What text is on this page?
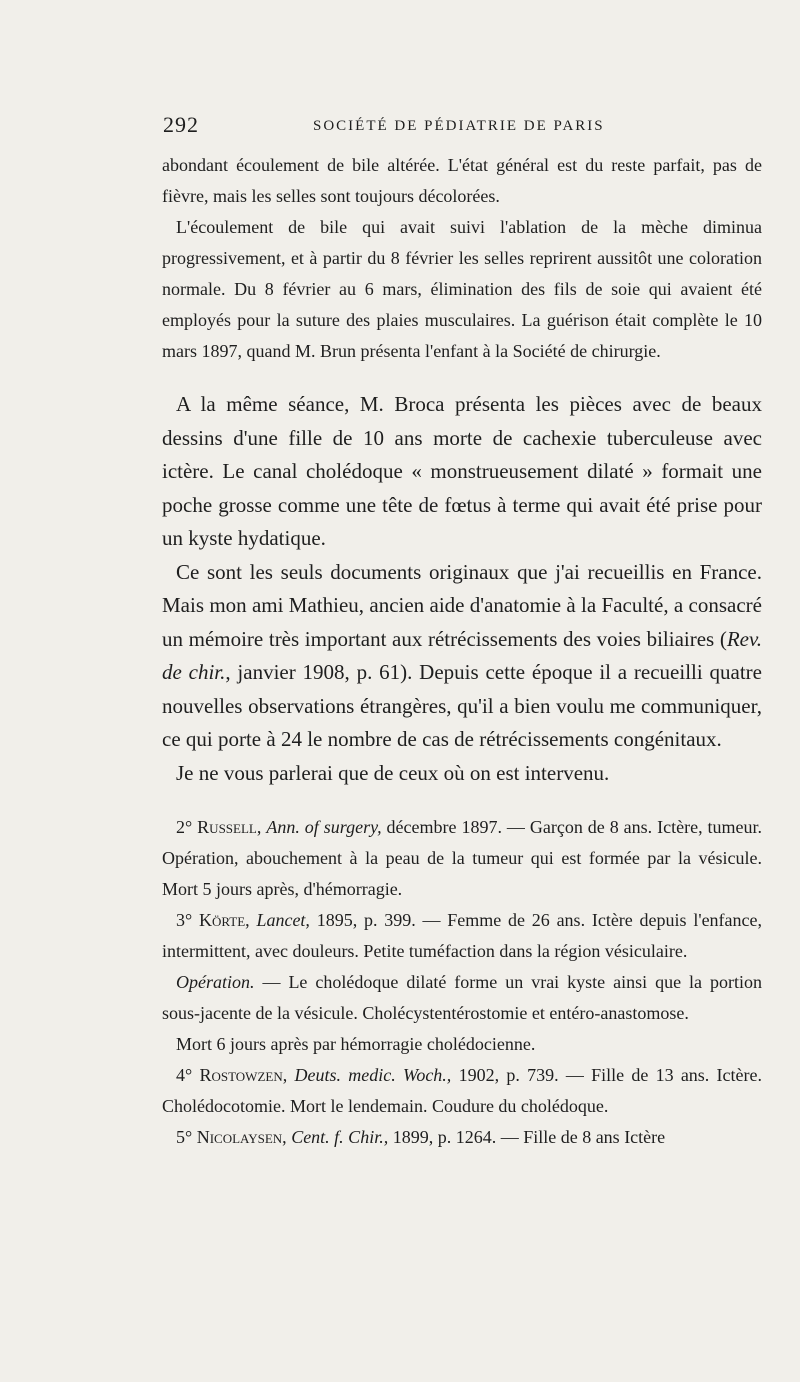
292	SOCIÉTÉ DE PÉDIATRIE DE PARIS

abondant écoulement de bile altérée. L'état général est du reste parfait, pas de fièvre, mais les selles sont toujours décolorées.

L'écoulement de bile qui avait suivi l'ablation de la mèche diminua progressivement, et à partir du 8 février les selles reprirent aussitôt une coloration normale. Du 8 février au 6 mars, élimination des fils de soie qui avaient été employés pour la suture des plaies musculaires. La guérison était complète le 10 mars 1897, quand M. Brun présenta l'enfant à la Société de chirurgie.

A la même séance, M. Broca présenta les pièces avec de beaux dessins d'une fille de 10 ans morte de cachexie tuberculeuse avec ictère. Le canal cholédoque « monstrueusement dilaté » formait une poche grosse comme une tête de fœtus à terme qui avait été prise pour un kyste hydatique.

Ce sont les seuls documents originaux que j'ai recueillis en France. Mais mon ami Mathieu, ancien aide d'anatomie à la Faculté, a consacré un mémoire très important aux rétrécissements des voies biliaires (Rev. de chir., janvier 1908, p. 61). Depuis cette époque il a recueilli quatre nouvelles observations étrangères, qu'il a bien voulu me communiquer, ce qui porte à 24 le nombre de cas de rétrécissements congénitaux.

Je ne vous parlerai que de ceux où on est intervenu.

2° Russell, Ann. of surgery, décembre 1897. — Garçon de 8 ans. Ictère, tumeur. Opération, abouchement à la peau de la tumeur qui est formée par la vésicule. Mort 5 jours après, d'hémorragie.

3° Körte, Lancet, 1895, p. 399. — Femme de 26 ans. Ictère depuis l'enfance, intermittent, avec douleurs. Petite tuméfaction dans la région vésiculaire.

Opération. — Le cholédoque dilaté forme un vrai kyste ainsi que la portion sous-jacente de la vésicule. Cholécystentérostomie et entéro-anastomose.

Mort 6 jours après par hémorragie cholédocienne.

4° Rostowzen, Deuts. medic. Woch., 1902, p. 739. — Fille de 13 ans. Ictère. Cholédocotomie. Mort le lendemain. Coudure du cholédoque.

5° Nicolaysen, Cent. f. Chir., 1899, p. 1264. — Fille de 8 ans Ictère
